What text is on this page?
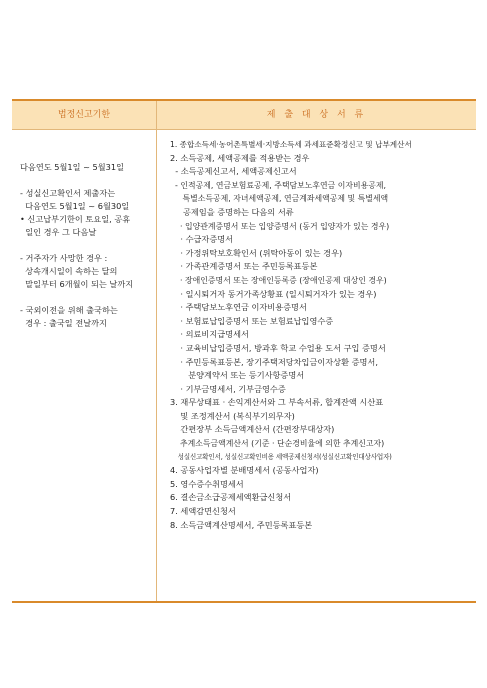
법정신고기한	제 출 대 상 서 류

다음연도 5월1일 ~ 5월31일

- 성실신고확인서 제출자는

다음연도 5월1일 ~ 6월30일

• 신고납부기한이 토요일, 공휴

일인 경우 그 다음날

- 거주자가 사망한 경우 :

상속개시일이 속하는 달의

말일부터 6개월이 되는 날까지

- 국외이전을 위해 출국하는

경우 : 출국일 전날까지

1. 종합소득세·농어촌특별세·지방소득세 과세표준확정신고 및 납부계산서
2. 소득공제, 세액공제를 적용받는 경우
- 소득공제신고서, 세액공제신고서
- 인적공제, 연금보험료공제, 주택담보노후연금 이자비용공제,
특별소득공제, 자녀세액공제, 연금계좌세액공제 및 특별세액
공제임을 증명하는 다음의 서류
· 입양관계증명서 또는 입양증명서 (동거 입양자가 있는 경우)
· 수급자증명서
· 가정위탁보호확인서 (위탁아동이 있는 경우)
· 가족관계증명서 또는 주민등록표등본
· 장애인증명서 또는 장애인등록증 (장애인공제 대상인 경우)
· 일시퇴거자 동거가족상황표 (일시퇴거자가 있는 경우)
· 주택담보노후연금 이자비용증명서
· 보험료납입증명서 또는 보험료납입영수증
· 의료비지급명세서
· 교육비납입증명서, 방과후 학교 수업용 도서 구입 증명서
· 주민등록표등본, 장기주택저당차입금이자상환 증명서,
분양계약서 또는 등기사항증명서
· 기부금명세서, 기부금영수증
3. 재무상태표 · 손익계산서와 그 부속서류, 합계잔액 시산표
및 조정계산서 (복식부기의무자)
간편장부 소득금액계산서 (간편장부대상자)
추계소득금액계산서 (기준 · 단순경비율에 의한 추계신고자)
성실신고확인서, 성실신고확인비용 세액공제신청서(성실신고확인대상사업자)
4. 공동사업자별 분배명세서 (공동사업자)
5. 영수증수취명세서
6. 결손금소급공제세액환급신청서
7. 세액감면신청서
8. 소득금액계산명세서, 주민등록표등본
